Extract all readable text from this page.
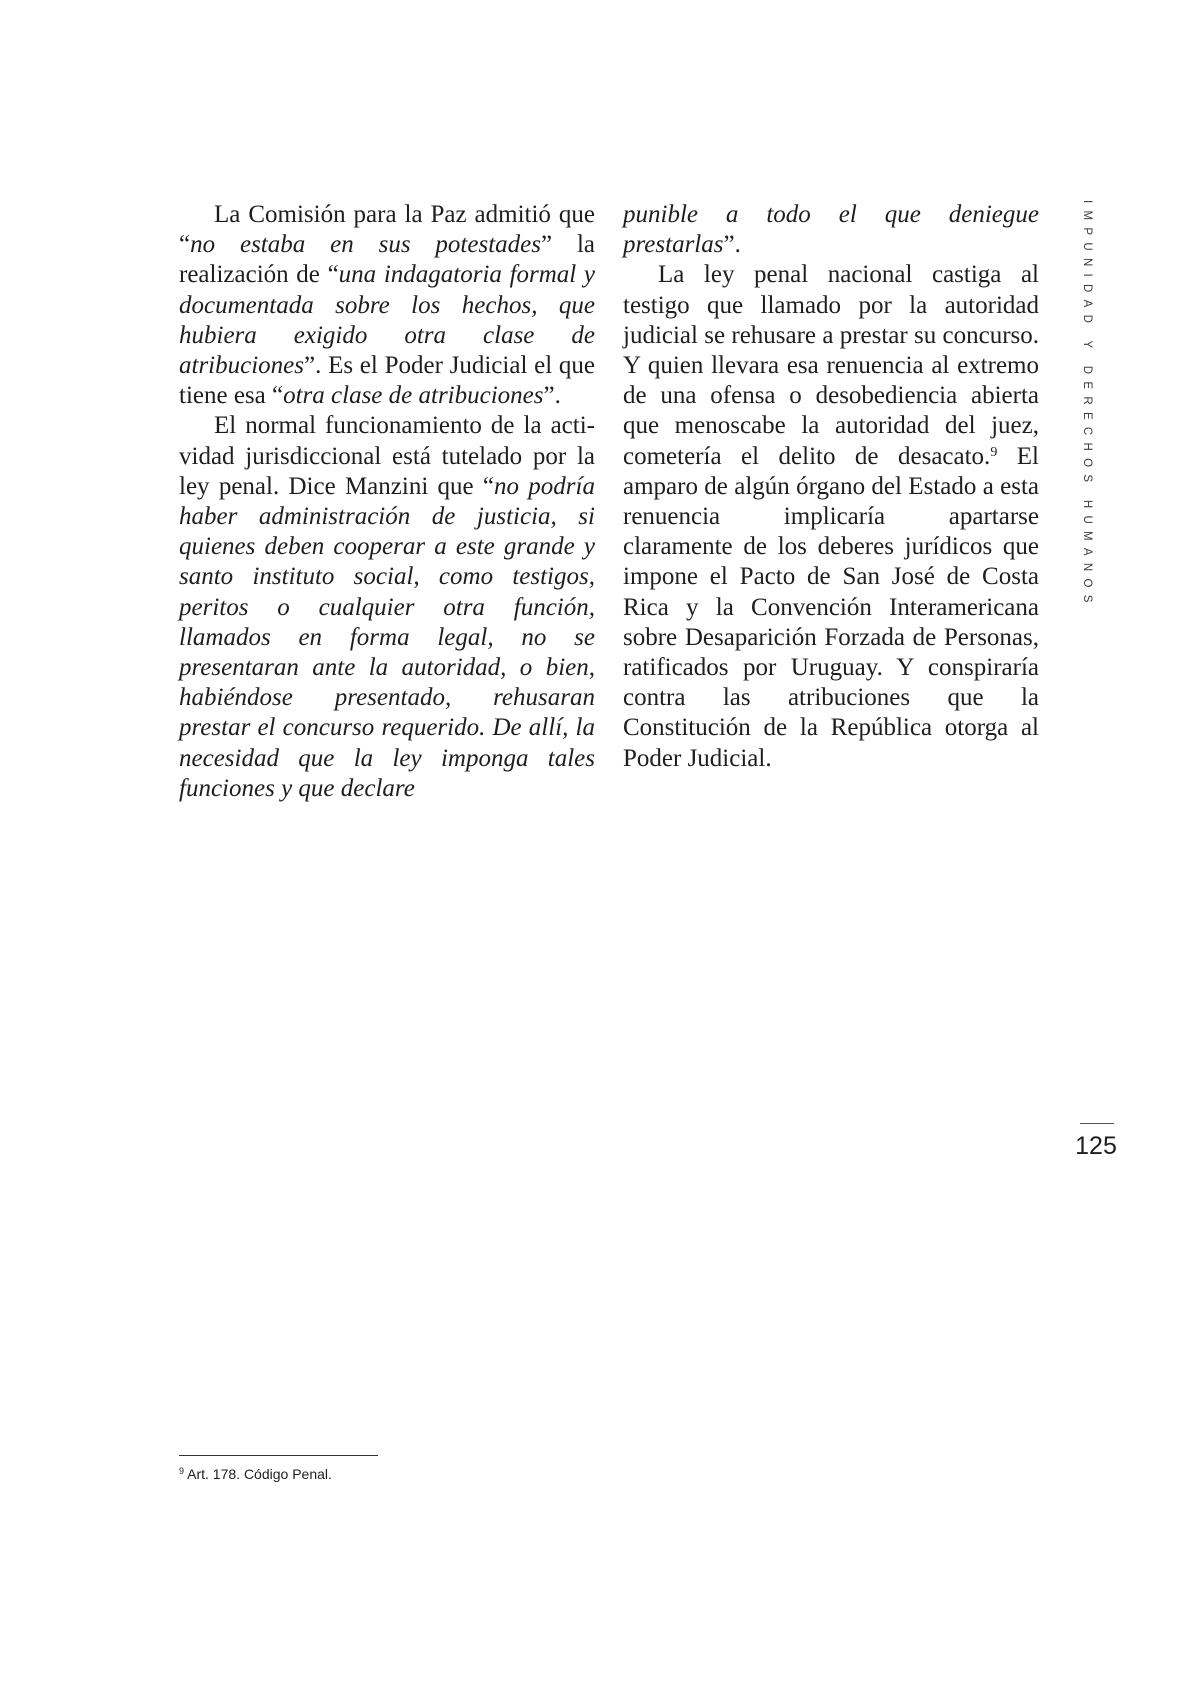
La Comisión para la Paz admitió que “no estaba en sus potestades” la realización de “una indagatoria formal y documentada sobre los hechos, que hubiera exigido otra clase de atribuciones”. Es el Poder Judicial el que tiene esa “otra clase de atribuciones”.

El normal funcionamiento de la actividad jurisdiccional está tutelado por la ley penal. Dice Manzini que “no podría haber administración de justicia, si quienes deben cooperar a este grande y santo instituto social, como testigos, peritos o cualquier otra función, llamados en forma legal, no se presentaran ante la autoridad, o bien, habiéndose presentado, rehusaran prestar el concurso requerido. De allí, la necesidad que la ley imponga tales funciones y que declare

punible a todo el que deniegue prestarlas”.

La ley penal nacional castiga al testigo que llamado por la autoridad judicial se rehusare a prestar su concurso. Y quien llevara esa renuencia al extremo de una ofensa o desobediencia abierta que menoscabe la autoridad del juez, cometería el delito de desacato.$^9$ El amparo de algún órgano del Estado a esta renuencia implicaría apartarse claramente de los deberes jurídicos que impone el Pacto de San José de Costa Rica y la Convención Interamericana sobre Desaparición Forzada de Personas, ratificados por Uruguay. Y conspiraría contra las atribuciones que la Constitución de la República otorga al Poder Judicial.

IMPUNIDAD Y DERECHOS HUMANOS
125
$^9$ Art. 178. Código Penal.
